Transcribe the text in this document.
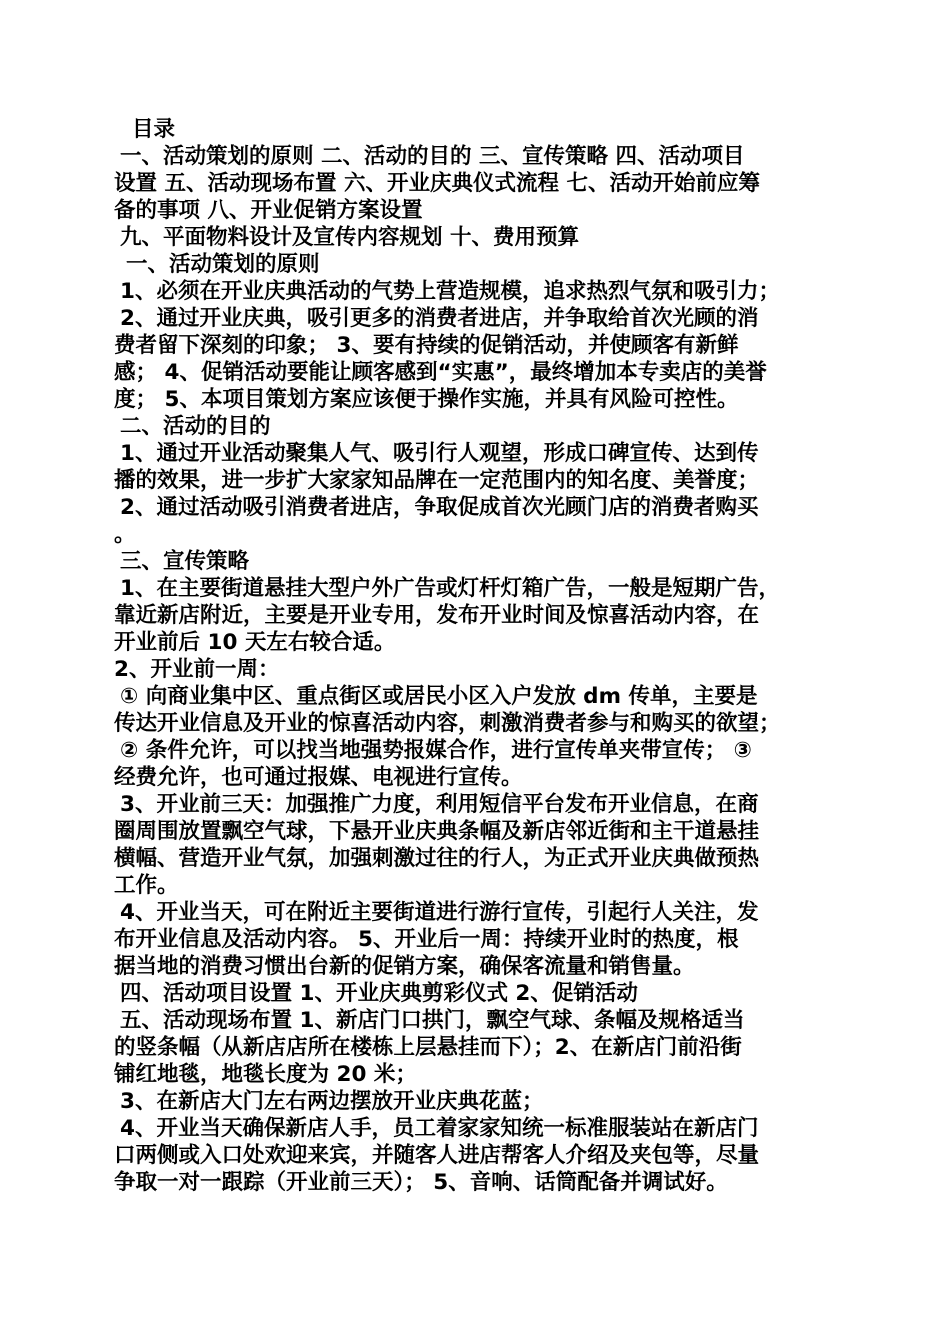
目录
一、活动策划的原则 二、活动的目的 三、宣传策略 四、活动项目
设置 五、活动现场布置 六、开业庆典仪式流程 七、活动开始前应筹
备的事项 八、开业促销方案设置
九、平面物料设计及宣传内容规划 十、费用预算
一、活动策划的原则
1、必须在开业庆典活动的气势上营造规模，追求热烈气氛和吸引力；
2、通过开业庆典，吸引更多的消费者进店，并争取给首次光顾的消
费者留下深刻的印象； 3、要有持续的促销活动，并使顾客有新鲜
感； 4、促销活动要能让顾客感到“实惠”，最终增加本专卖店的美誉
度； 5、本项目策划方案应该便于操作实施，并具有风险可控性。
二、活动的目的
1、通过开业活动聚集人气、吸引行人观望，形成口碑宣传、达到传
播的效果，进一步扩大家家知品牌在一定范围内的知名度、美誉度；
2、通过活动吸引消费者进店，争取促成首次光顾门店的消费者购买
。
三、宣传策略
1、在主要街道悬挂大型户外广告或灯杆灯箱广告，一般是短期广告，
靠近新店附近，主要是开业专用，发布开业时间及惊喜活动内容，在
开业前后 10 天左右较合适。
2、开业前一周：
① 向商业集中区、重点街区或居民小区入户发放 dm 传单，主要是
传达开业信息及开业的惊喜活动内容，刺激消费者参与和购买的欲望；
② 条件允许，可以找当地强势报媒合作，进行宣传单夹带宣传； ③
经费允许，也可通过报媒、电视进行宣传。
3、开业前三天：加强推广力度，利用短信平台发布开业信息，在商
圈周围放置飘空气球，下悬开业庆典条幅及新店邻近街和主干道悬挂
横幅、营造开业气氛，加强刺激过往的行人，为正式开业庆典做预热
工作。
4、开业当天，可在附近主要街道进行游行宣传，引起行人关注，发
布开业信息及活动内容。 5、开业后一周：持续开业时的热度，根
据当地的消费习惯出台新的促销方案，确保客流量和销售量。
四、活动项目设置 1、开业庆典剪彩仪式 2、促销活动
五、活动现场布置 1、新店门口拱门，飘空气球、条幅及规格适当
的竖条幅（从新店店所在楼栋上层悬挂而下）；2、在新店门前沿街
铺红地毯，地毯长度为 20 米；
3、在新店大门左右两边摆放开业庆典花蓝；
4、开业当天确保新店人手，员工着家家知统一标准服装站在新店门
口两侧或入口处欢迎来宾，并随客人进店帮客人介绍及夹包等，尽量
争取一对一跟踪（开业前三天）； 5、音响、话筒配备并调试好。
